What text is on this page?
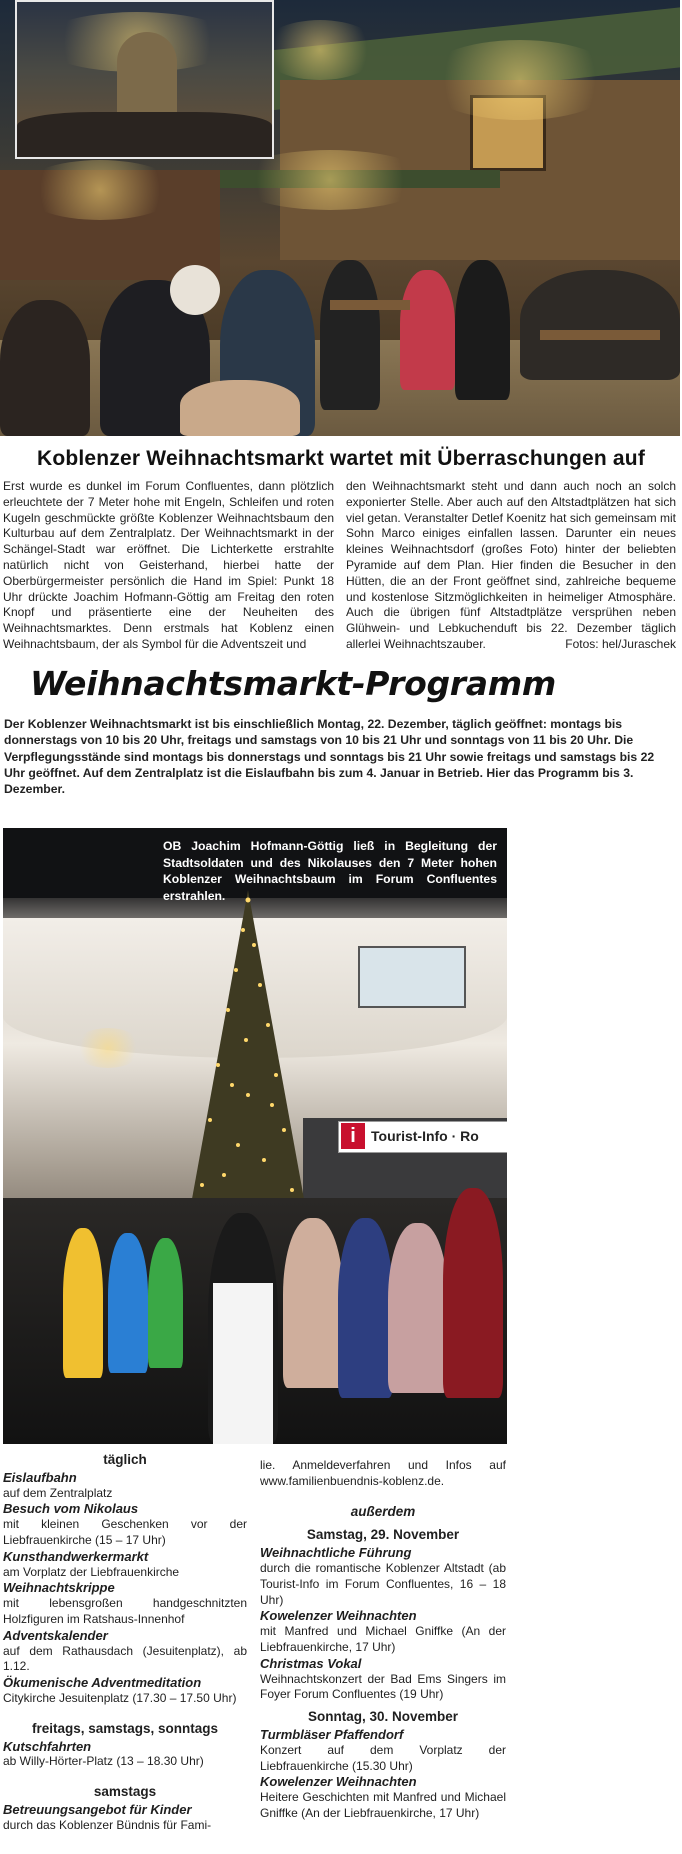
Koblenzer Weihnachtsmarkt wartet mit Überraschungen auf
Erst wurde es dunkel im Forum Confluentes, dann plötzlich erleuchtete der 7 Meter hohe mit Engeln, Schleifen und roten Kugeln geschmückte größte Koblenzer Weihnachtsbaum den Kulturbau auf dem Zentralplatz. Der Weihnachtsmarkt in der Schängel-Stadt war eröffnet. Die Lichterkette erstrahlte natürlich nicht von Geisterhand, hierbei hatte der Oberbürgermeister persönlich die Hand im Spiel: Punkt 18 Uhr drückte Joachim Hofmann-Göttig am Freitag den roten Knopf und präsentierte eine der Neuheiten des Weihnachtsmarktes. Denn erstmals hat Koblenz einen Weihnachtsbaum, der als Symbol für die Adventszeit und
den Weihnachtsmarkt steht und dann auch noch an solch exponierter Stelle. Aber auch auf den Altstadtplätzen hat sich viel getan. Veranstalter Detlef Koenitz hat sich gemeinsam mit Sohn Marco einiges einfallen lassen. Darunter ein neues kleines Weihnachtsdorf (großes Foto) hinter der beliebten Pyramide auf dem Plan. Hier finden die Besucher in den Hütten, die an der Front geöffnet sind, zahlreiche bequeme und kostenlose Sitzmöglichkeiten in heimeliger Atmosphäre. Auch die übrigen fünf Altstadtplätze versprühen neben Glühwein- und Lebkuchenduft bis 22. Dezember täglich allerlei Weihnachtszauber.	Fotos: hel/Juraschek
Weihnachtsmarkt-Programm
Der Koblenzer Weihnachtsmarkt ist bis einschließlich Montag, 22. Dezember, täglich geöffnet: montags bis donnerstags von 10 bis 20 Uhr, freitags und samstags von 10 bis 21 Uhr und sonntags von 11 bis 20 Uhr. Die Verpflegungsstände sind montags bis donnerstags und sonntags bis 21 Uhr sowie freitags und samstags bis 22 Uhr geöffnet. Auf dem Zentralplatz ist die Eislaufbahn bis zum 4. Januar in Betrieb. Hier das Programm bis 3. Dezember.
i	Tourist-Info · Ro
OB Joachim Hofmann-Göttig ließ in Begleitung der Stadtsoldaten und des Nikolauses den 7 Meter hohen Koblenzer Weihnachtsbaum im Forum Confluentes erstrahlen.
täglich
Eislaufbahn
auf dem Zentralplatz
Besuch vom Nikolaus
mit kleinen Geschenken vor der Liebfrauenkirche (15 – 17 Uhr)
Kunsthandwerkermarkt
am Vorplatz der Liebfrauenkirche
Weihnachtskrippe
mit lebensgroßen handgeschnitzten Holzfiguren im Ratshaus-Innenhof
Adventskalender
auf dem Rathausdach (Jesuitenplatz), ab 1.12.
Ökumenische Adventmeditation
Citykirche Jesuitenplatz (17.30 – 17.50 Uhr)
freitags, samstags, sonntags
Kutschfahrten
ab Willy-Hörter-Platz (13 – 18.30 Uhr)
samstags
Betreuungsangebot für Kinder
durch das Koblenzer Bündnis für Fami-
lie. Anmeldeverfahren und Infos auf www.familienbuendnis-koblenz.de.
außerdem
Samstag, 29. November
Weihnachtliche Führung
durch die romantische Koblenzer Altstadt (ab Tourist-Info im Forum Confluentes, 16 – 18 Uhr)
Kowelenzer Weihnachten
mit Manfred und Michael Gniffke (An der Liebfrauenkirche, 17 Uhr)
Christmas Vokal
Weihnachtskonzert der Bad Ems Singers im Foyer Forum Confluentes (19 Uhr)
Sonntag, 30. November
Turmbläser Pfaffendorf
Konzert auf dem Vorplatz der Liebfrauenkirche (15.30 Uhr)
Kowelenzer Weihnachten
Heitere Geschichten mit Manfred und Michael Gniffke (An der Liebfrauenkirche, 17 Uhr)
